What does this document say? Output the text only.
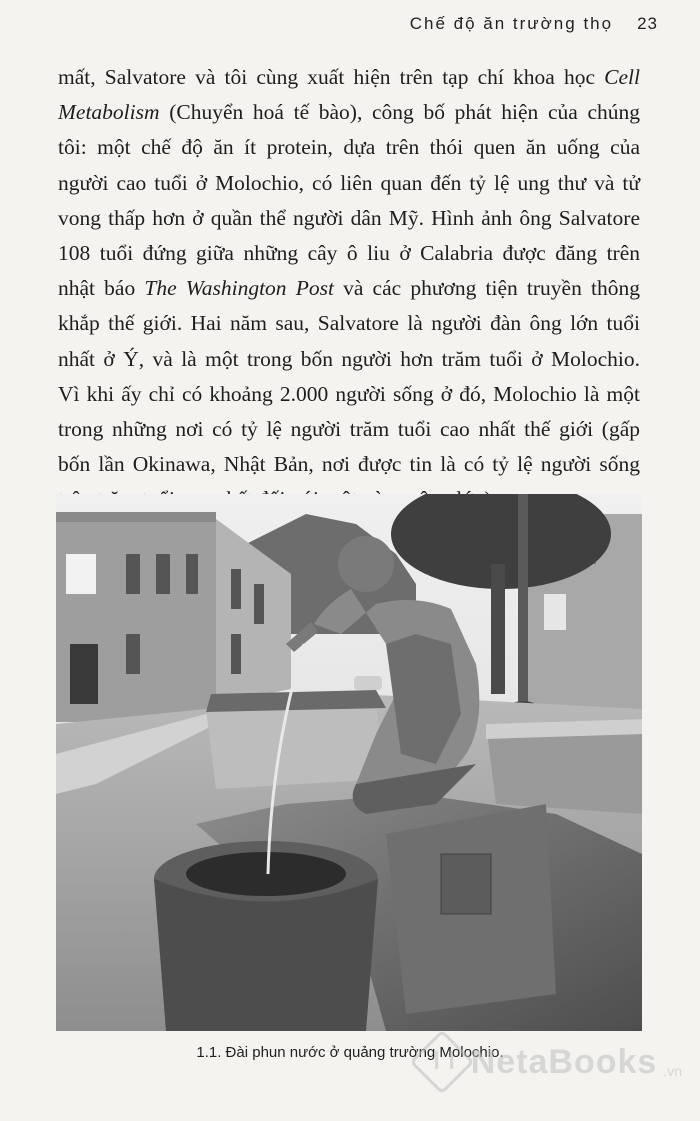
Chế độ ăn trường thọ 23
mất, Salvatore và tôi cùng xuất hiện trên tạp chí khoa học Cell
Metabolism (Chuyển hoá tế bào), công bố phát hiện của chúng
tôi: một chế độ ăn ít protein, dựa trên thói quen ăn uống của
người cao tuổi ở Molochio, có liên quan đến tỷ lệ ung thư và tử
vong thấp hơn ở quần thể người dân Mỹ. Hình ảnh ông Salvatore
108 tuổi đứng giữa những cây ô liu ở Calabria được đăng trên
nhật báo The Washington Post và các phương tiện truyền thông
khắp thế giới. Hai năm sau, Salvatore là người đàn ông lớn tuổi
nhất ở Ý, và là một trong bốn người hơn trăm tuổi ở Molochio.
Vì khi ấy chỉ có khoảng 2.000 người sống ở đó, Molochio là một
trong những nơi có tỷ lệ người trăm tuổi cao nhất thế giới (gấp
bốn lần Okinawa, Nhật Bản, nơi được tin là có tỷ lệ người sống
1.1. Đài phun nước ở quảng trường Molochio.
NetaBooks .vn
